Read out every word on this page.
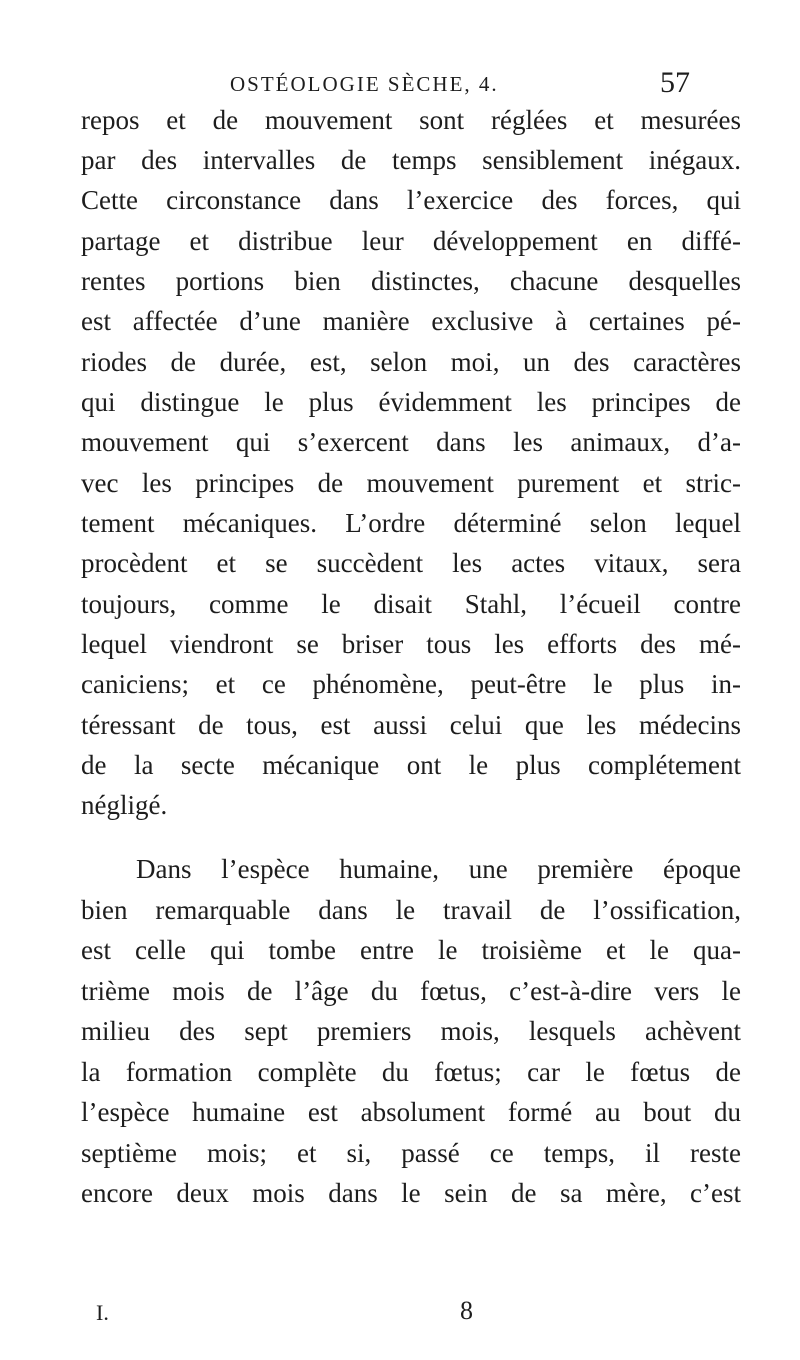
OSTÉOLOGIE SÈCHE, 4.	57
repos et de mouvement sont réglées et mesurées
par des intervalles de temps sensiblement inégaux.
Cette circonstance dans l’exercice des forces, qui
partage et distribue leur développement en diffé-
rentes portions bien distinctes, chacune desquelles
est affectée d’une manière exclusive à certaines pé-
riodes de durée, est, selon moi, un des caractères
qui distingue le plus évidemment les principes de
mouvement qui s’exercent dans les animaux, d’a-
vec les principes de mouvement purement et stric-
tement mécaniques. L’ordre déterminé selon lequel
procèdent et se succèdent les actes vitaux, sera
toujours, comme le disait Stahl, l’écueil contre
lequel viendront se briser tous les efforts des mé-
caniciens; et ce phénomène, peut-être le plus in-
téressant de tous, est aussi celui que les médecins
de la secte mécanique ont le plus complétement
négligé.
Dans l’espèce humaine, une première époque
bien remarquable dans le travail de l’ossification,
est celle qui tombe entre le troisième et le qua-
trième mois de l’âge du fœtus, c’est-à-dire vers le
milieu des sept premiers mois, lesquels achèvent
la formation complète du fœtus; car le fœtus de
l’espèce humaine est absolument formé au bout du
septième mois; et si, passé ce temps, il reste
encore deux mois dans le sein de sa mère, c’est
I.	8
